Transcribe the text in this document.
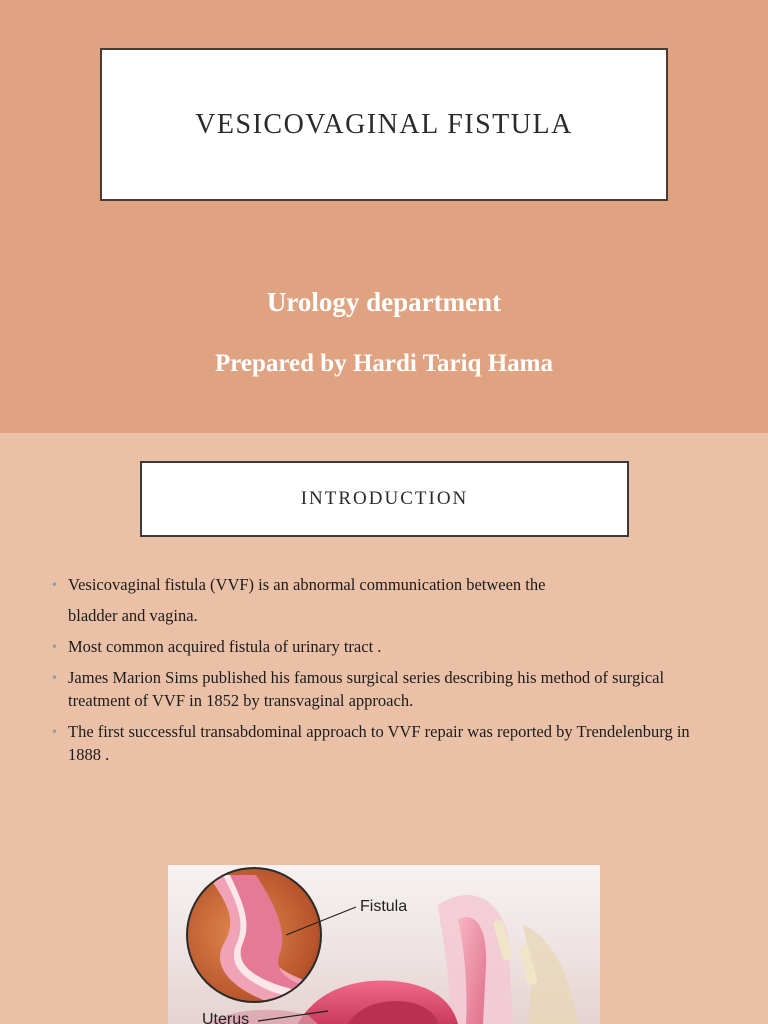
VESICOVAGINAL FISTULA
Urology department
Prepared by Hardi Tariq Hama
INTRODUCTION
• Vesicovaginal fistula (VVF) is an abnormal communication between the
bladder and vagina.
• Most common acquired fistula of urinary tract .
• James Marion Sims published his famous surgical series describing his method of surgical treatment of VVF in 1852 by transvaginal approach.
• The first successful transabdominal approach to VVF repair was reported by Trendelenburg in 1888 .
Fistula
Uterus
